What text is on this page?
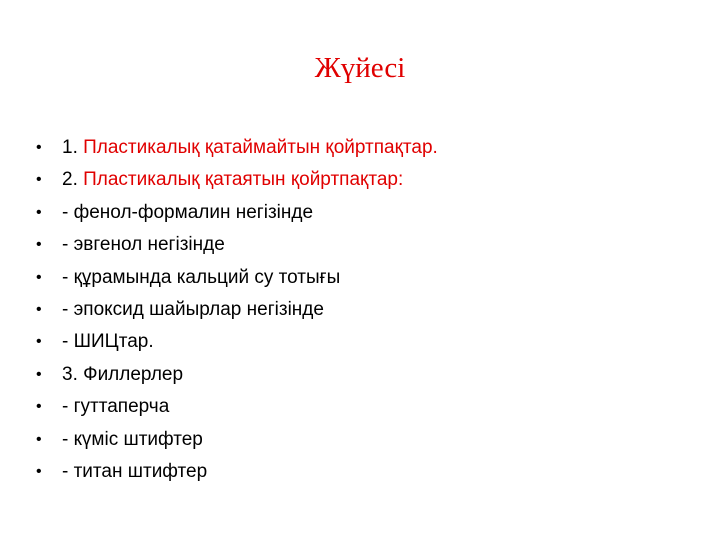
Жүйесі
• 1. Пластикалық қатаймайтын қойртпақтар.
• 2. Пластикалық қатаятын қойртпақтар:
• - фенол-формалин негізінде
• - эвгенол негізінде
• - құрамында кальций су тотығы
• - эпоксид шайырлар негізінде
• - ШИЦтар.
• 3. Филлерлер
• - гуттаперча
• - күміс штифтер
• - титан штифтер
